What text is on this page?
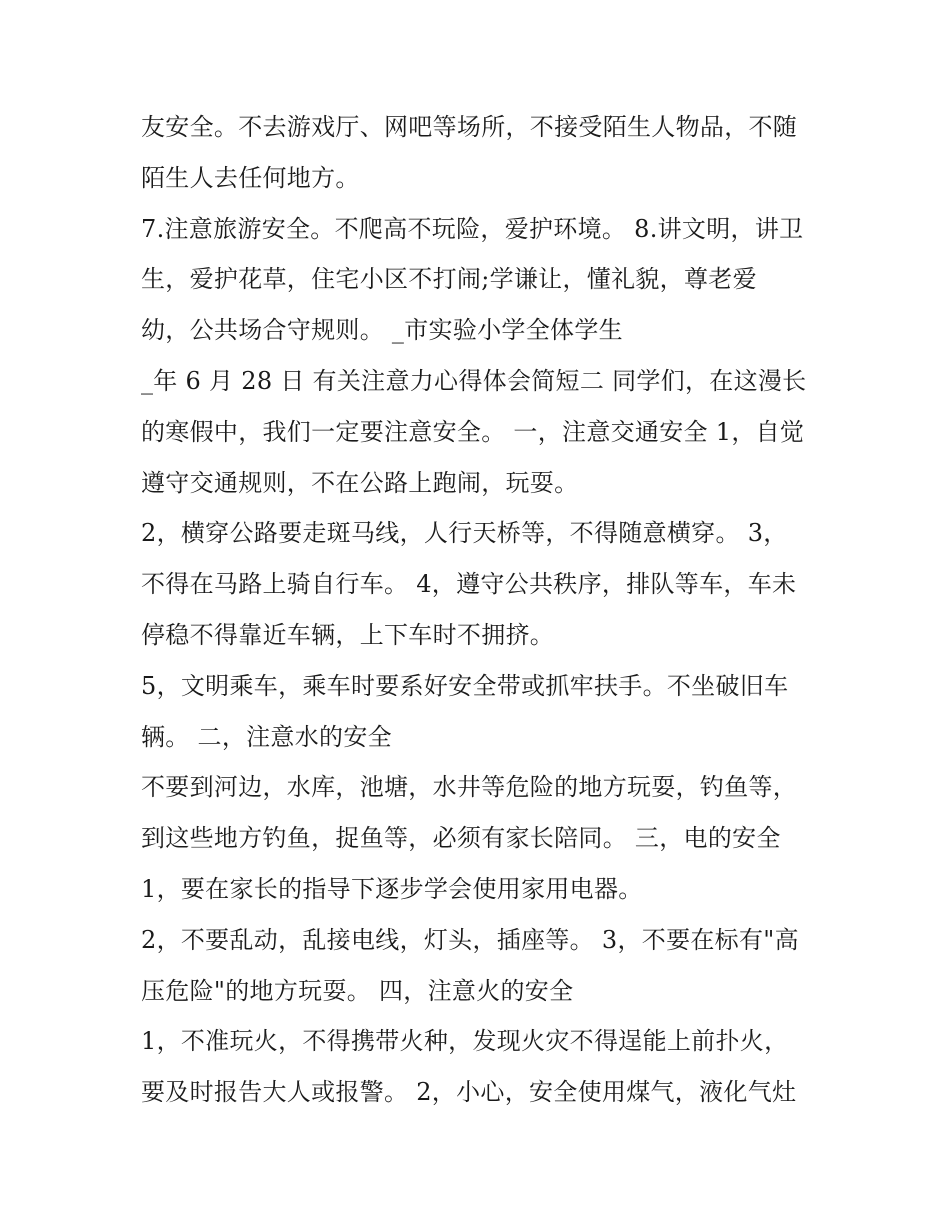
友安全。不去游戏厅、网吧等场所，不接受陌生人物品，不随
陌生人去任何地方。
7.注意旅游安全。不爬高不玩险，爱护环境。 8.讲文明，讲卫
生，爱护花草，住宅小区不打闹;学谦让，懂礼貌，尊老爱
幼，公共场合守规则。 _市实验小学全体学生
_年 6 月 28 日 有关注意力心得体会简短二 同学们，在这漫长
的寒假中，我们一定要注意安全。 一，注意交通安全 1，自觉
遵守交通规则，不在公路上跑闹，玩耍。
2，横穿公路要走斑马线，人行天桥等，不得随意横穿。 3，
不得在马路上骑自行车。 4，遵守公共秩序，排队等车，车未
停稳不得靠近车辆，上下车时不拥挤。
5，文明乘车，乘车时要系好安全带或抓牢扶手。不坐破旧车
辆。 二，注意水的安全
不要到河边，水库，池塘，水井等危险的地方玩耍，钓鱼等，
到这些地方钓鱼，捉鱼等，必须有家长陪同。 三，电的安全
1，要在家长的指导下逐步学会使用家用电器。
2，不要乱动，乱接电线，灯头，插座等。 3，不要在标有"高
压危险"的地方玩耍。 四，注意火的安全
1，不准玩火，不得携带火种，发现火灾不得逞能上前扑火，
要及时报告大人或报警。 2，小心，安全使用煤气，液化气灶
